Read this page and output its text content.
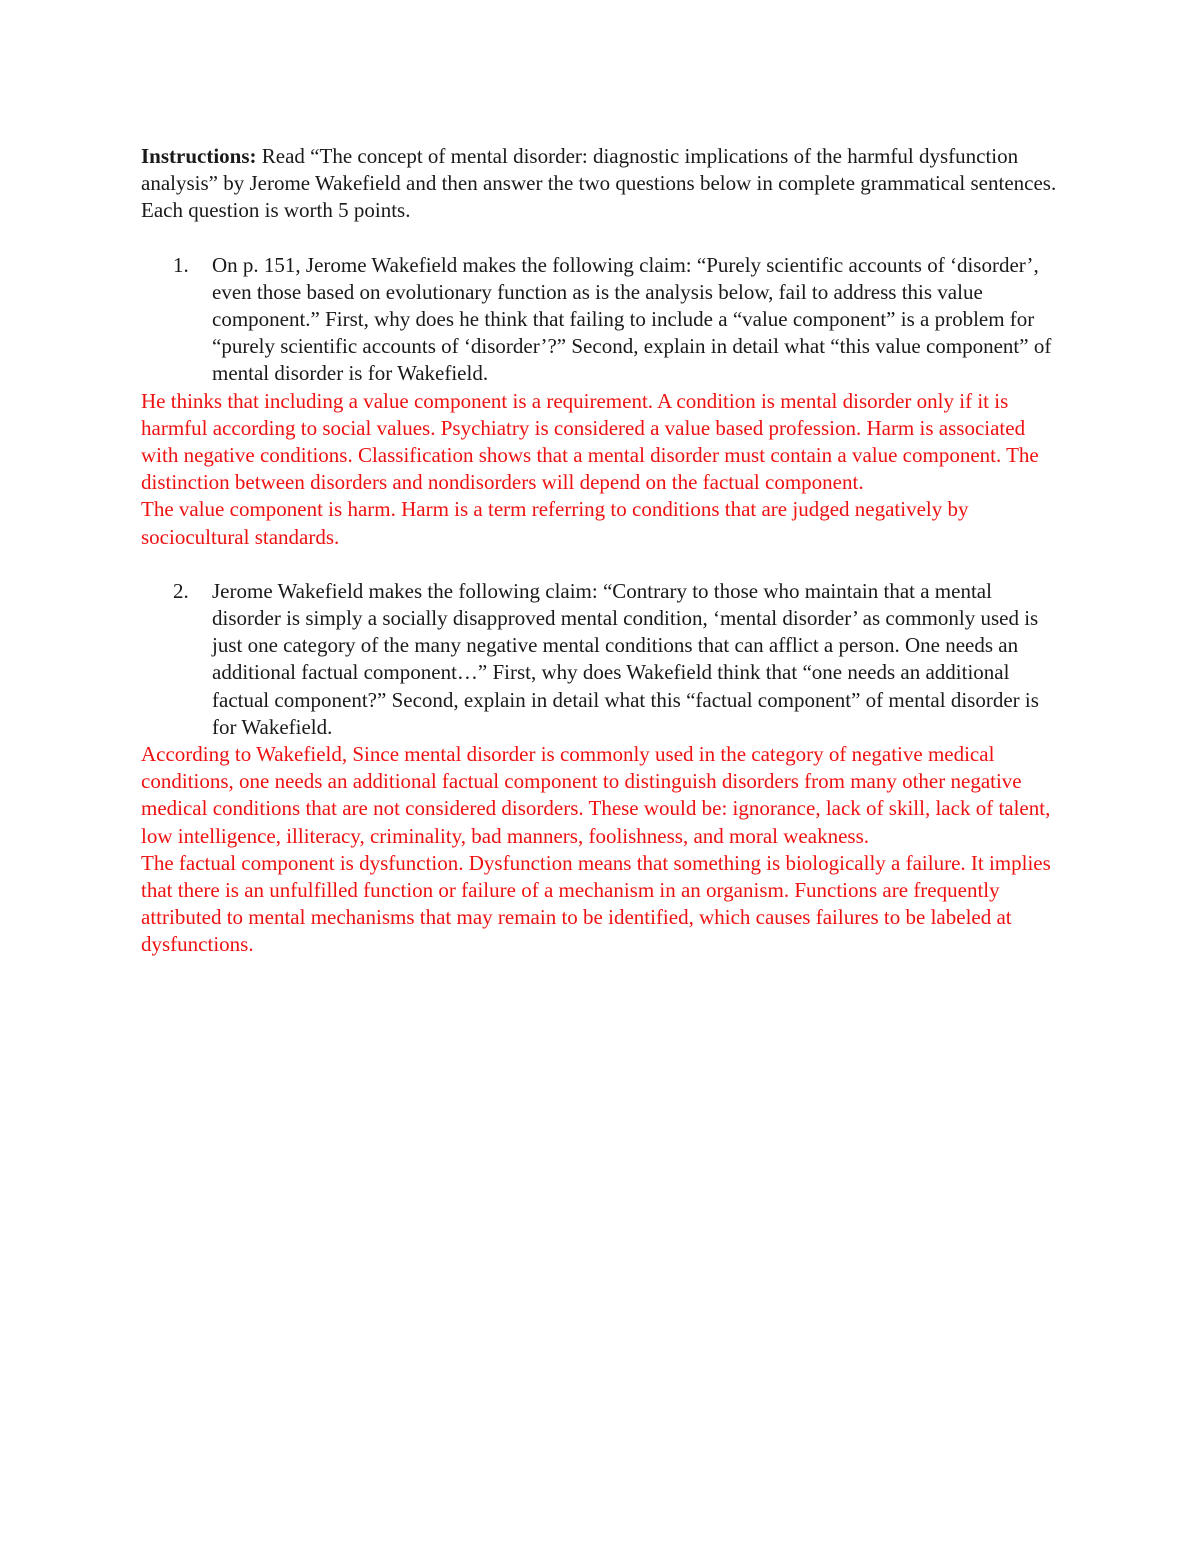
Instructions: Read “The concept of mental disorder: diagnostic implications of the harmful dysfunction analysis” by Jerome Wakefield and then answer the two questions below in complete grammatical sentences. Each question is worth 5 points.

1.	On p. 151, Jerome Wakefield makes the following claim: “Purely scientific accounts of ‘disorder’, even those based on evolutionary function as is the analysis below, fail to address this value component.” First, why does he think that failing to include a “value component” is a problem for “purely scientific accounts of ‘disorder’?” Second, explain in detail what “this value component” of mental disorder is for Wakefield.

He thinks that including a value component is a requirement. A condition is mental disorder only if it is harmful according to social values. Psychiatry is considered a value based profession. Harm is associated with negative conditions. Classification shows that a mental disorder must contain a value component. The distinction between disorders and nondisorders will depend on the factual component.

The value component is harm. Harm is a term referring to conditions that are judged negatively by sociocultural standards.

2.	Jerome Wakefield makes the following claim: “Contrary to those who maintain that a mental disorder is simply a socially disapproved mental condition, ‘mental disorder’ as commonly used is just one category of the many negative mental conditions that can afflict a person. One needs an additional factual component…” First, why does Wakefield think that “one needs an additional factual component?” Second, explain in detail what this “factual component” of mental disorder is for Wakefield.

According to Wakefield, Since mental disorder is commonly used in the category of negative medical conditions, one needs an additional factual component to distinguish disorders from many other negative medical conditions that are not considered disorders. These would be: ignorance, lack of skill, lack of talent, low intelligence, illiteracy, criminality, bad manners, foolishness, and moral weakness.

The factual component is dysfunction. Dysfunction means that something is biologically a failure. It implies that there is an unfulfilled function or failure of a mechanism in an organism. Functions are frequently attributed to mental mechanisms that may remain to be identified, which causes failures to be labeled at dysfunctions.
